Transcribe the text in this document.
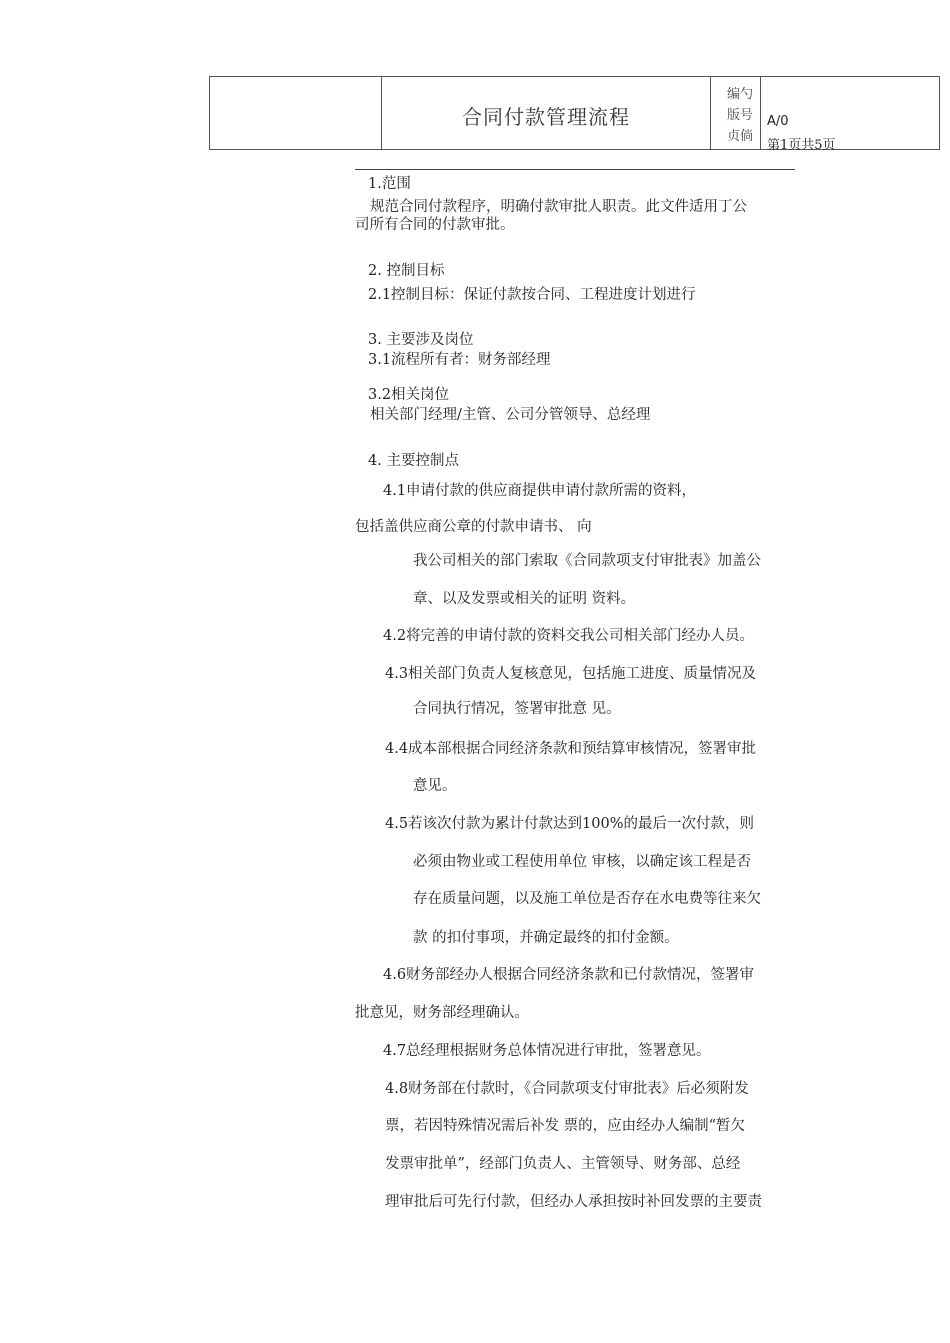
合同付款管理流程
编勺
版号
贞倘
A/0
第1页共5页
1.范围
规范合同付款程序，明确付款审批人职责。此文件适用丁公
司所有合同的付款审批。
2. 控制目标
2.1控制目标：保证付款按合同、工程进度计划进行
3. 主要涉及岗位
3.1流程所有者：财务部经理
3.2相关岗位
相关部门经理/主管、公司分管领导、总经理
4. 主要控制点
4.1申请付款的供应商提供申请付款所需的资料，
包括盖供应商公章的付款申请书、 向
我公司相关的部门索取《合同款项支付审批表》加盖公
章、以及发票或相关的证明 资料。
4.2将完善的申请付款的资料交我公司相关部门经办人员。
4.3相关部门负责人复核意见，包括施工进度、质量情况及
合同执行情况，签署审批意 见。
4.4成本部根据合同经济条款和预结算审核情况，签署审批
意见。
4.5若该次付款为累计付款达到100%的最后一次付款，则
必须由物业或工程使用单位 审核，以确定该工程是否
存在质量问题，以及施工单位是否存在水电费等往来欠
款 的扣付事项，并确定最终的扣付金额。
4.6财务部经办人根据合同经济条款和已付款情况，签署审
批意见，财务部经理确认。
4.7总经理根据财务总体情况进行审批，签署意见。
4.8财务部在付款时，《合同款项支付审批表》后必须附发
票，若因特殊情况需后补发 票的，应由经办人编制“暂欠
发票审批单”，经部门负责人、主管领导、财务部、总经
理审批后可先行付款，但经办人承担按时补回发票的主要责
